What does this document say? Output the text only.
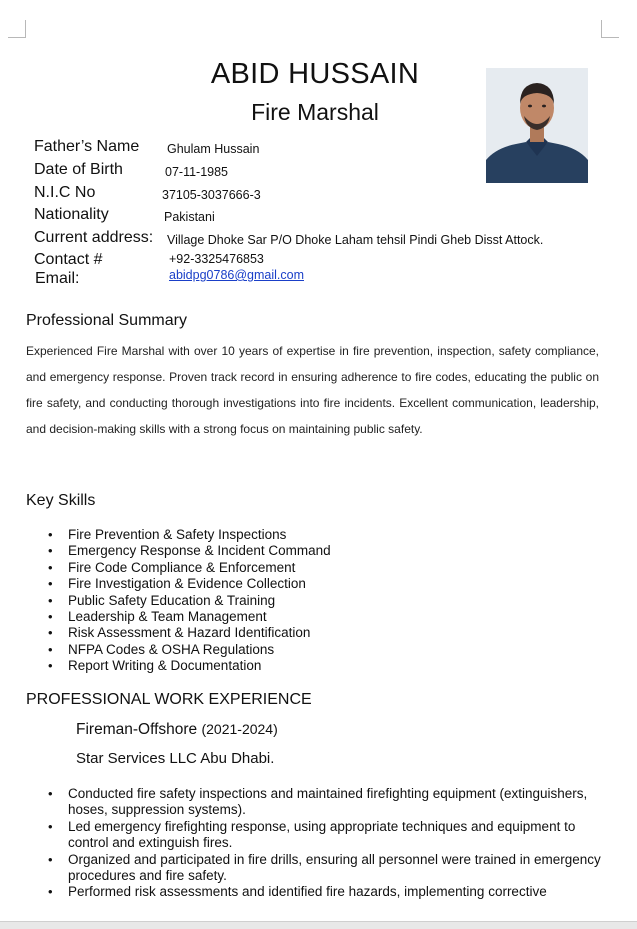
ABID HUSSAIN
Fire Marshal
Father’s Name Ghulam Hussain
Date of Birth	07-11-1985
N.I.C No	37105-3037666-3
Nationality	Pakistani
Current address: Village Dhoke Sar P/O Dhoke Laham tehsil Pindi Gheb Disst Attock.
Contact #	+92-3325476853
Email:	abidpg0786@gmail.com
Professional Summary
Experienced Fire Marshal with over 10 years of expertise in fire prevention, inspection, safety compliance, and emergency response. Proven track record in ensuring adherence to fire codes, educating the public on fire safety, and conducting thorough investigations into fire incidents. Excellent communication, leadership, and decision-making skills with a strong focus on maintaining public safety.
Key Skills
• Fire Prevention & Safety Inspections
• Emergency Response & Incident Command
• Fire Code Compliance & Enforcement
• Fire Investigation & Evidence Collection
• Public Safety Education & Training
• Leadership & Team Management
• Risk Assessment & Hazard Identification
• NFPA Codes & OSHA Regulations
• Report Writing & Documentation
PROFESSIONAL WORK EXPERIENCE
Fireman-Offshore (2021-2024)
Star Services LLC Abu Dhabi.
• Conducted fire safety inspections and maintained firefighting equipment (extinguishers, hoses, suppression systems).
• Led emergency firefighting response, using appropriate techniques and equipment to control and extinguish fires.
• Organized and participated in fire drills, ensuring all personnel were trained in emergency procedures and fire safety.
• Performed risk assessments and identified fire hazards, implementing corrective
